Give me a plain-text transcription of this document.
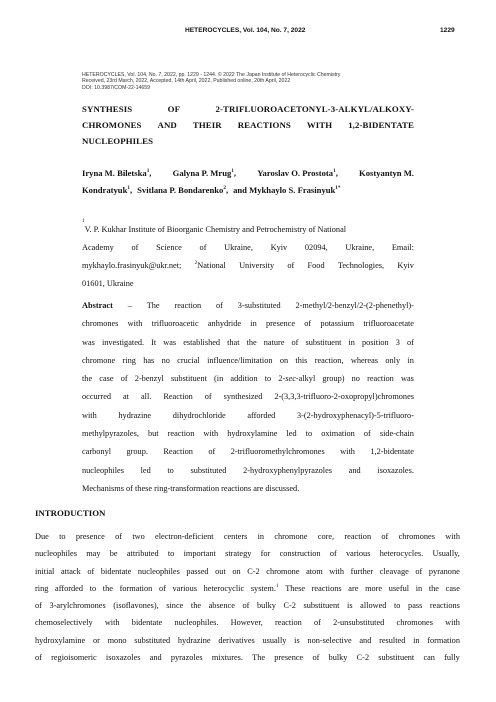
HETEROCYCLES, Vol. 104, No. 7, 2022	1229
HETEROCYCLES, Vol. 104, No. 7, 2022, pp. 1229 - 1244. © 2022 The Japan Institute of Heterocyclic Chemistry
Received, 23rd March, 2022, Accepted, 14th April, 2022, Published online, 20th April, 2022
DOI: 10.3987/COM-22-14659
SYNTHESIS	OF	2-TRIFLUOROACETONYL-3-ALKYL/ALKOXY-
CHROMONES AND THEIR REACTIONS WITH 1,2-BIDENTATE
NUCLEOPHILES
Iryna M. Biletska$^1$, Galyna P. Mrug$^1$, Yaroslav O. Prostota$^1$, Kostyantyn M.
Kondratyuk$^1$, Svitlana P. Bondarenko$^2$, and Mykhaylo S. Frasinyuk$^{1*}$
1
V. P. Kukhar Institute of Bioorganic Chemistry and Petrochemistry of National
Academy of Science of Ukraine, Kyiv 02094, Ukraine, Email:
mykhaylo.frasinyuk@ukr.net;	$^2$National University of Food Technologies, Kyiv
01601, Ukraine
Abstract – The reaction of 3-substituted 2-methyl/2-benzyl/2-(2-phenethyl)-
chromones with trifluoroacetic anhydride in presence of potassium trifluoroacetate
was investigated. It was established that the nature of substituent in position 3 of
chromone ring has no crucial influence/limitation on this reaction, whereas only in
the case of 2-benzyl substituent (in addition to 2-sec-alkyl group) no reaction was
occurred at all. Reaction of synthesized 2-(3,3,3-trifluoro-2-oxopropyl)chromones
with	hydrazine	dihydrochloride	afforded	3-(2-hydroxyphenacyl)-5-trifluoro-
methylpyrazoles, but reaction with hydroxylamine led to oximation of side-chain
carbonyl group. Reaction of 2-trifluoromethylchromones with 1,2-bidentate
nucleophiles led to substituted 2-hydroxyphenylpyrazoles and isoxazoles.
Mechanisms of these ring-transformation reactions are discussed.
INTRODUCTION
Due to presence of two electron-deficient centers in chromone core, reaction of chromones with
nucleophiles may be attributed to important strategy for construction of various heterocycles. Usually,
initial attack of bidentate nucleophiles passed out on C-2 chromone atom with further cleavage of pyranone
ring afforded to the formation of various heterocyclic system.$^1$ These reactions are more useful in the case
of 3-arylchromones (isoflavones), since the absence of bulky C-2 substituent is allowed to pass reactions
chemoselectively with bidentate nucleophiles. However, reaction of 2-unsubstituted chromones with
hydroxylamine or mono substituted hydrazine derivatives usually is non-selective and resulted in formation
of regioisomeric isoxazoles and pyrazoles mixtures. The presence of bulky C-2 substituent can fully
